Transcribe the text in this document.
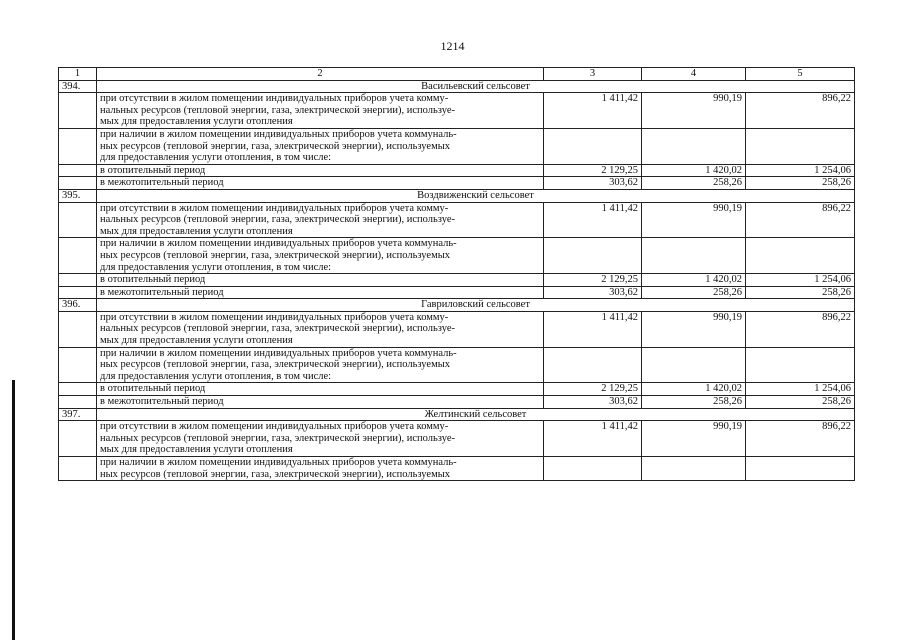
1214
1	2	3	4	5
394.	Васильевский сельсовет			

	при отсутствии в жилом помещении индивидуальных приборов учета комму-
нальных ресурсов (тепловой энергии, газа, электрической энергии), используе-
мых для предоставления услуги отопления	1 411,42	990,19	896,22

	при наличии в жилом помещении индивидуальных приборов учета коммуналь-
ных ресурсов (тепловой энергии, газа, электрической энергии), используемых
для предоставления услуги отопления, в том числе:			

	в отопительный период	2 129,25	1 420,02	1 254,06

	в межотопительный период	303,62	258,26	258,26
395.	Воздвиженский сельсовет			

	при отсутствии в жилом помещении индивидуальных приборов учета комму-
нальных ресурсов (тепловой энергии, газа, электрической энергии), используе-
мых для предоставления услуги отопления	1 411,42	990,19	896,22

	при наличии в жилом помещении индивидуальных приборов учета коммуналь-
ных ресурсов (тепловой энергии, газа, электрической энергии), используемых
для предоставления услуги отопления, в том числе:			

	в отопительный период	2 129,25	1 420,02	1 254,06

	в межотопительный период	303,62	258,26	258,26
396.	Гавриловский сельсовет			

	при отсутствии в жилом помещении индивидуальных приборов учета комму-
нальных ресурсов (тепловой энергии, газа, электрической энергии), используе-
мых для предоставления услуги отопления	1 411,42	990,19	896,22

	при наличии в жилом помещении индивидуальных приборов учета коммуналь-
ных ресурсов (тепловой энергии, газа, электрической энергии), используемых
для предоставления услуги отопления, в том числе:			

	в отопительный период	2 129,25	1 420,02	1 254,06

	в межотопительный период	303,62	258,26	258,26
397.	Желтинский сельсовет			

	при отсутствии в жилом помещении индивидуальных приборов учета комму-
нальных ресурсов (тепловой энергии, газа, электрической энергии), используе-
мых для предоставления услуги отопления	1 411,42	990,19	896,22

	при наличии в жилом помещении индивидуальных приборов учета коммуналь-
ных ресурсов (тепловой энергии, газа, электрической энергии), используемых			
